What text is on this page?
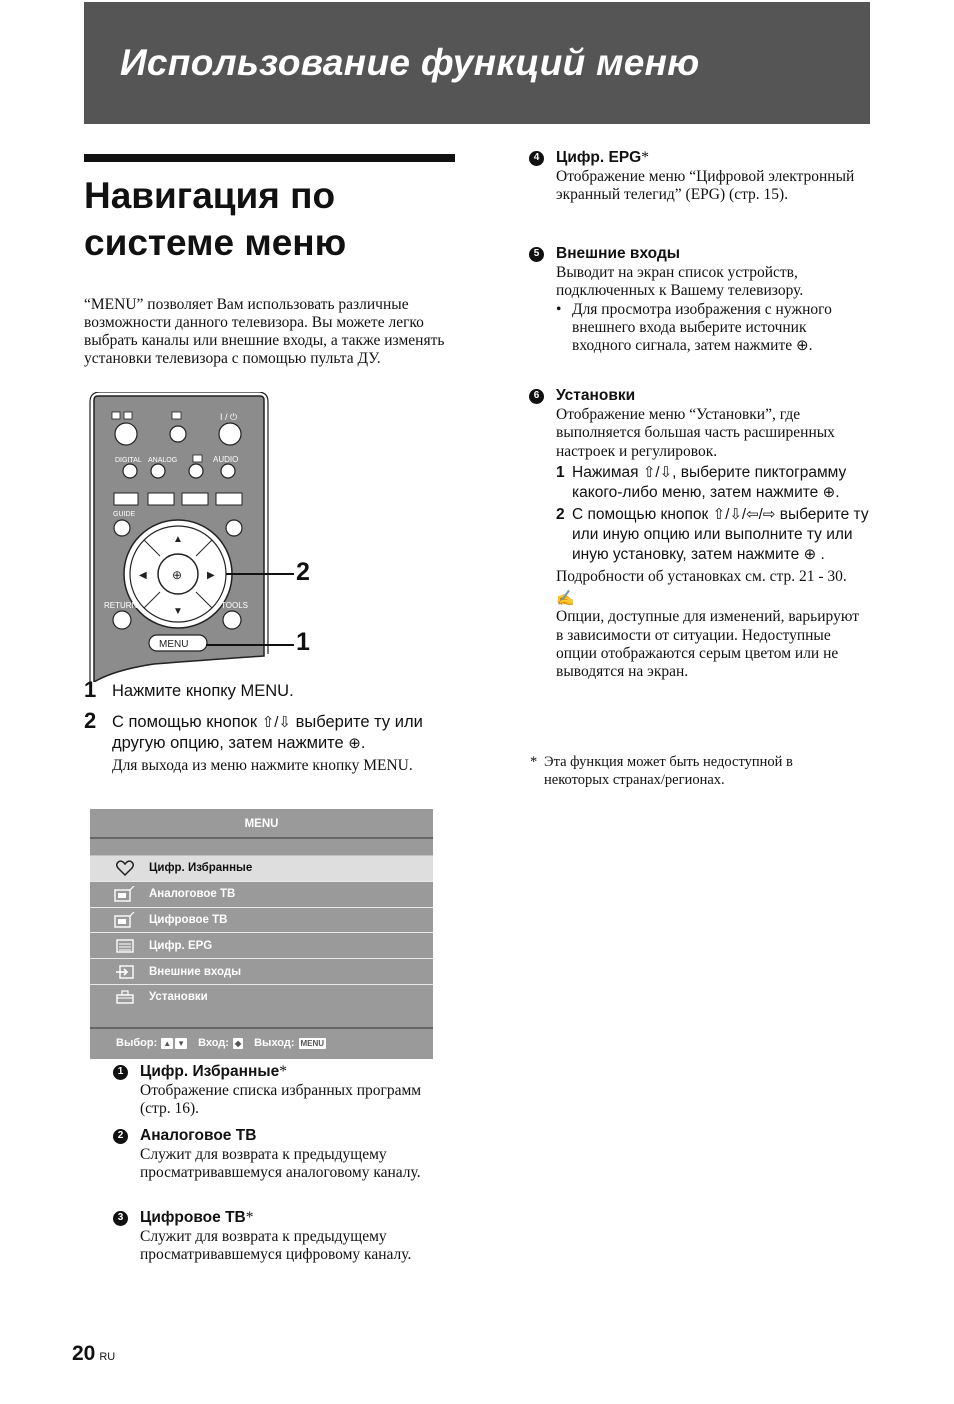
Использование функций меню
Навигация по
системе меню

“MENU” позволяет Вам использовать различные возможности данного телевизора. Вы можете легко выбрать каналы или внешние входы, а также изменять установки телевизора с помощью пульта ДУ.

I / ⏻
DIGITAL ANALOG	AUDIO
GUIDE
▲
▼
◀	▶
⊕
RETURN	TOOLS
MENU
2
1
1 Нажмите кнопку MENU.
2 С помощью кнопок ⇧/⇩ выберите ту или другую опцию, затем нажмите ⊕.
Для выхода из меню нажмите кнопку MENU.
MENU
Цифр. Избранные
Аналоговое ТВ
Цифровое ТВ
Цифр. EPG
Внешние входы
Установки
Выбор: ▲ ▼ Вход: ◆ Выход: MENU
1	Цифр. Избранные *
Отображение списка избранных программ (стр. 16).
2	Аналоговое ТВ
Служит для возврата к предыдущему просматривавшемуся аналоговому каналу.
3	Цифровое ТВ *
Служит для возврата к предыдущему просматривавшемуся цифровому каналу.
4	Цифр. EPG *
Отображение меню “Цифровой электронный экранный телегид” (EPG) (стр. 15).
5	Внешние входы
Выводит на экран список устройств, подключенных к Вашему телевизору.
• Для просмотра изображения с нужного внешнего входа выберите источник входного сигнала, затем нажмите ⊕.
6	Установки
Отображение меню “Установки”, где выполняется большая часть расширенных настроек и регулировок.
1 Нажимая ⇧/⇩, выберите пиктограмму какого-либо меню, затем нажмите ⊕.
2 С помощью кнопок ⇧/⇩/⇦/⇨ выберите ту или иную опцию или выполните ту или иную установку, затем нажмите ⊕ .
Подробности об установках см. стр. 21 - 30.
✍
Опции, доступные для изменений, варьируют в зависимости от ситуации. Недоступные опции отображаются серым цветом или не выводятся на экран.
* Эта функция может быть недоступной в некоторых странах/регионах.
20 RU
